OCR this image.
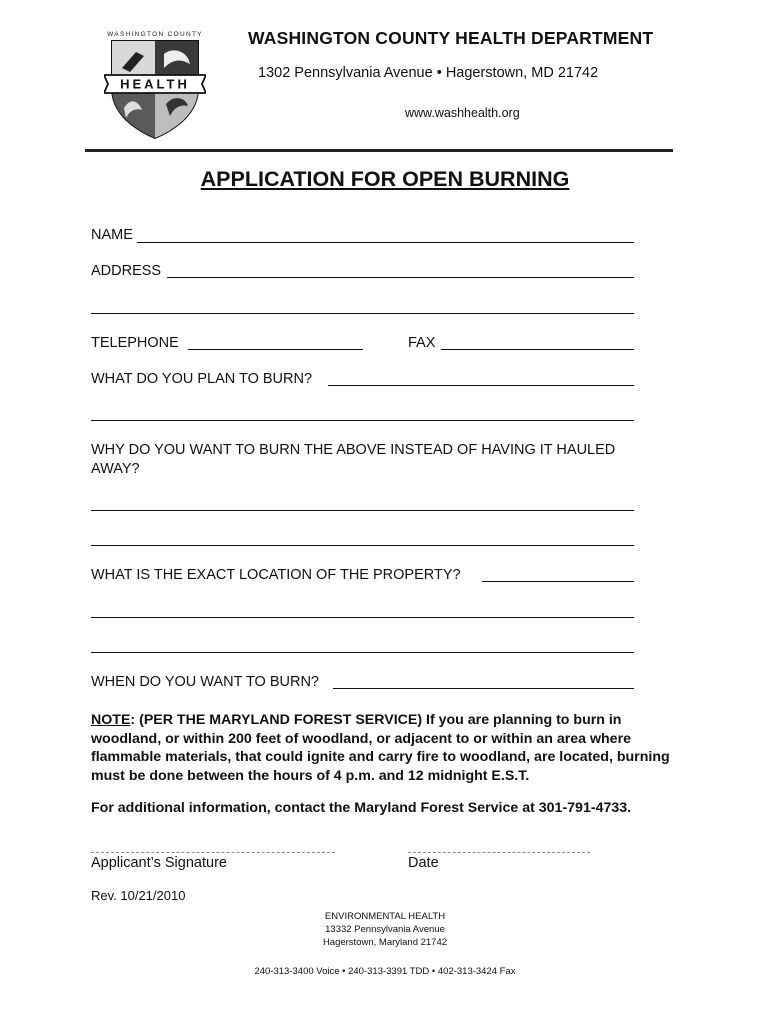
WASHINGTON COUNTY
HEALTH
WASHINGTON COUNTY HEALTH DEPARTMENT
1302 Pennsylvania Avenue • Hagerstown, MD 21742
www.washhealth.org
APPLICATION FOR OPEN BURNING
NAME
ADDRESS
TELEPHONE	FAX
WHAT DO YOU PLAN TO BURN?
WHY DO YOU WANT TO BURN THE ABOVE INSTEAD OF HAVING IT HAULED
AWAY?
WHAT IS THE EXACT LOCATION OF THE PROPERTY?
WHEN DO YOU WANT TO BURN?
NOTE: (PER THE MARYLAND FOREST SERVICE) If you are planning to burn in woodland, or within 200 feet of woodland, or adjacent to or within an area where flammable materials, that could ignite and carry fire to woodland, are located, burning must be done between the hours of 4 p.m. and 12 midnight E.S.T.
For additional information, contact the Maryland Forest Service at 301-791-4733.
Applicant’s Signature	Date
Rev. 10/21/2010
ENVIRONMENTAL HEALTH
13332 Pennsylvania Avenue
Hagerstown, Maryland 21742
240-313-3400 Voice • 240-313-3391 TDD • 402-313-3424 Fax
